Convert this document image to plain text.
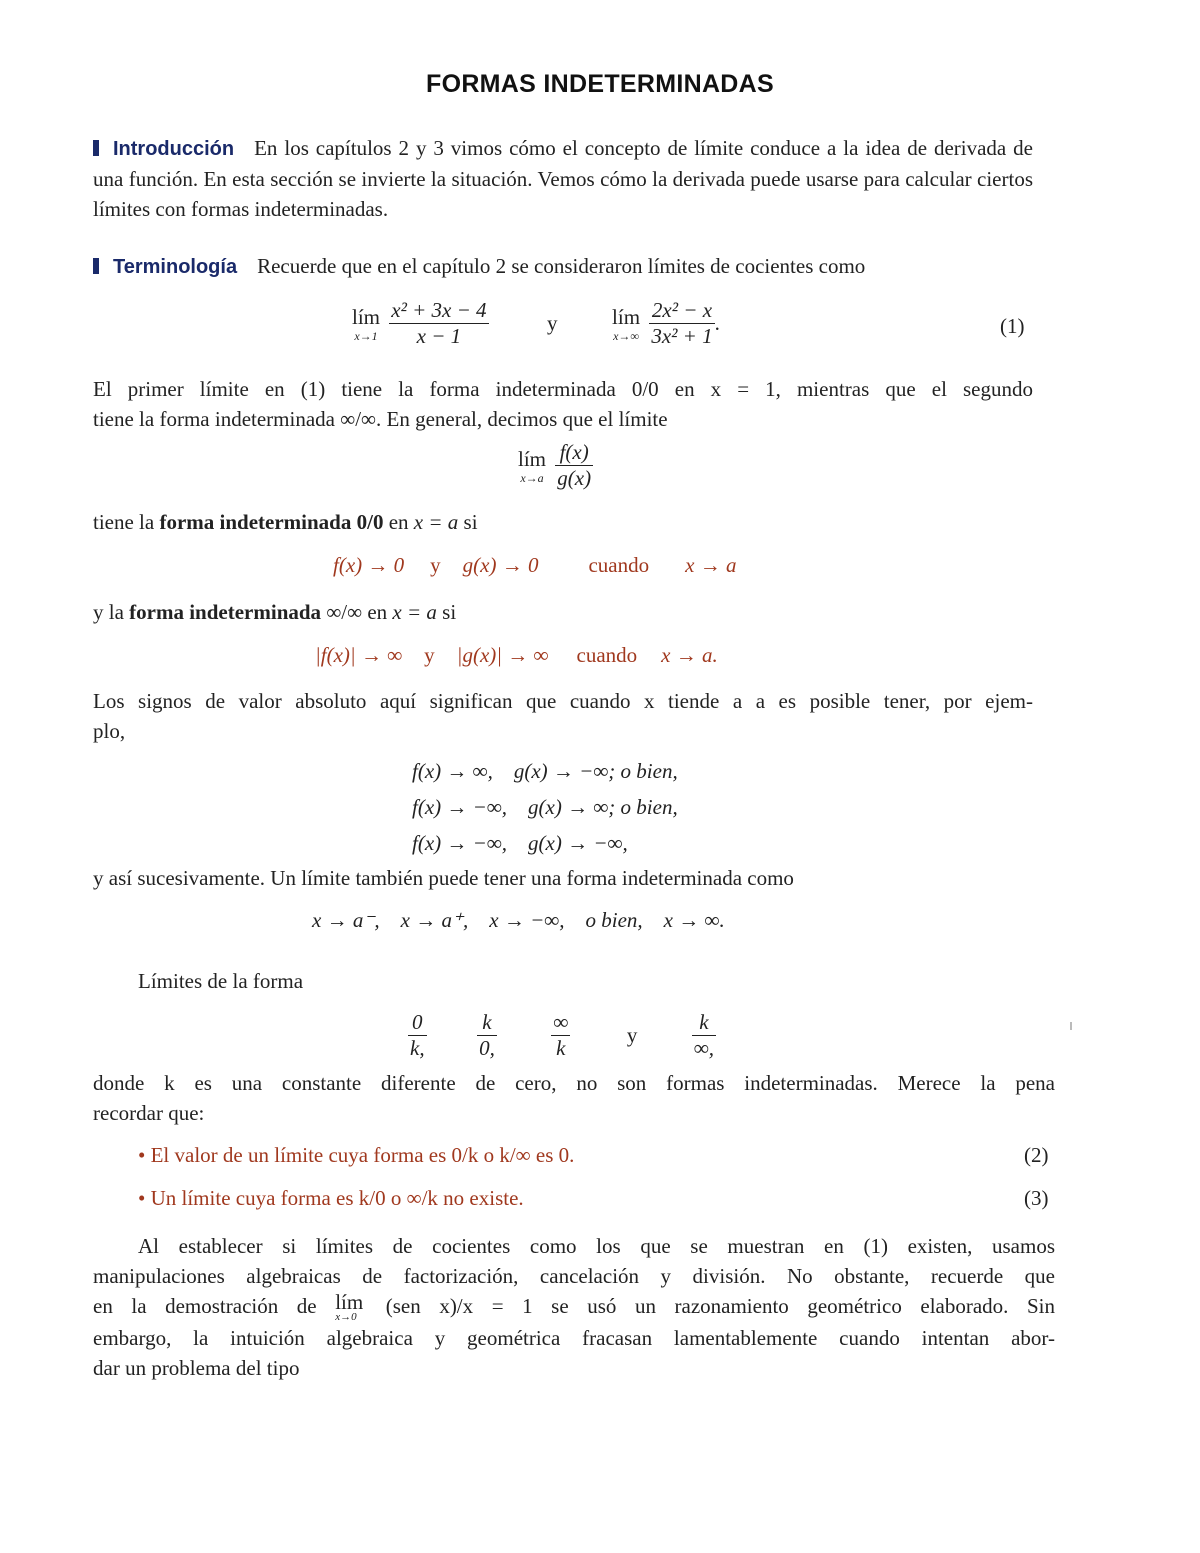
FORMAS INDETERMINADAS
Introducción En los capítulos 2 y 3 vimos cómo el concepto de límite conduce a la idea de derivada de una función. En esta sección se invierte la situación. Vemos cómo la derivada puede usarse para calcular ciertos límites con formas indeterminadas.
Terminología Recuerde que en el capítulo 2 se consideraron límites de cocientes como
lím
x→1
$\frac{\text{x² + 3x − 4}}{x - 1}$	y	lím
x→∞
$\frac{\text{2x² − x}}{\text{3x² + 1}}$ .	(1)
El primer límite en (1) tiene la forma indeterminada 0/0 en x = 1, mientras que el segundo
tiene la forma indeterminada ∞/∞. En general, decimos que el límite
lím
x→a
$\frac{f(x)}{g(x)}$
tiene la forma indeterminada 0/0 en x = a si
f(x) → 0 y g(x) → 0 cuando x → a
y la forma indeterminada ∞/∞ en x = a si
|f(x)| → ∞ y |g(x)| → ∞ cuando x → a.
Los signos de valor absoluto aquí significan que cuando x tiende a a es posible tener, por ejem-
plo,
f(x) → ∞,    g(x) → −∞; o bien,
f(x) → −∞,    g(x) → ∞; o bien,
f(x) → −∞,    g(x) → −∞,
y así sucesivamente. Un límite también puede tener una forma indeterminada como
x → a⁻,    x → a⁺,    x → −∞,    o bien,    x → ∞.
Límites de la forma
$\frac{0}{k,}$
$\frac{k}{0,}$
	$\frac{\infty}{k}$	y	$\frac{k}{\infty,}$
donde k es una constante diferente de cero, no son formas indeterminadas. Merece la pena
recordar que:
• El valor de un límite cuya forma es 0/k o k/∞ es 0.	(2)
• Un límite cuya forma es k/0 o ∞/k no existe.	(3)
Al establecer si límites de cocientes como los que se muestran en (1) existen, usamos
manipulaciones algebraicas de factorización, cancelación y división. No obstante, recuerde que
en la demostración de lím
x→0	(sen x)/x = 1 se usó un razonamiento geométrico elaborado. Sin
embargo, la intuición algebraica y geométrica fracasan lamentablemente cuando intentan abor-
dar un problema del tipo
